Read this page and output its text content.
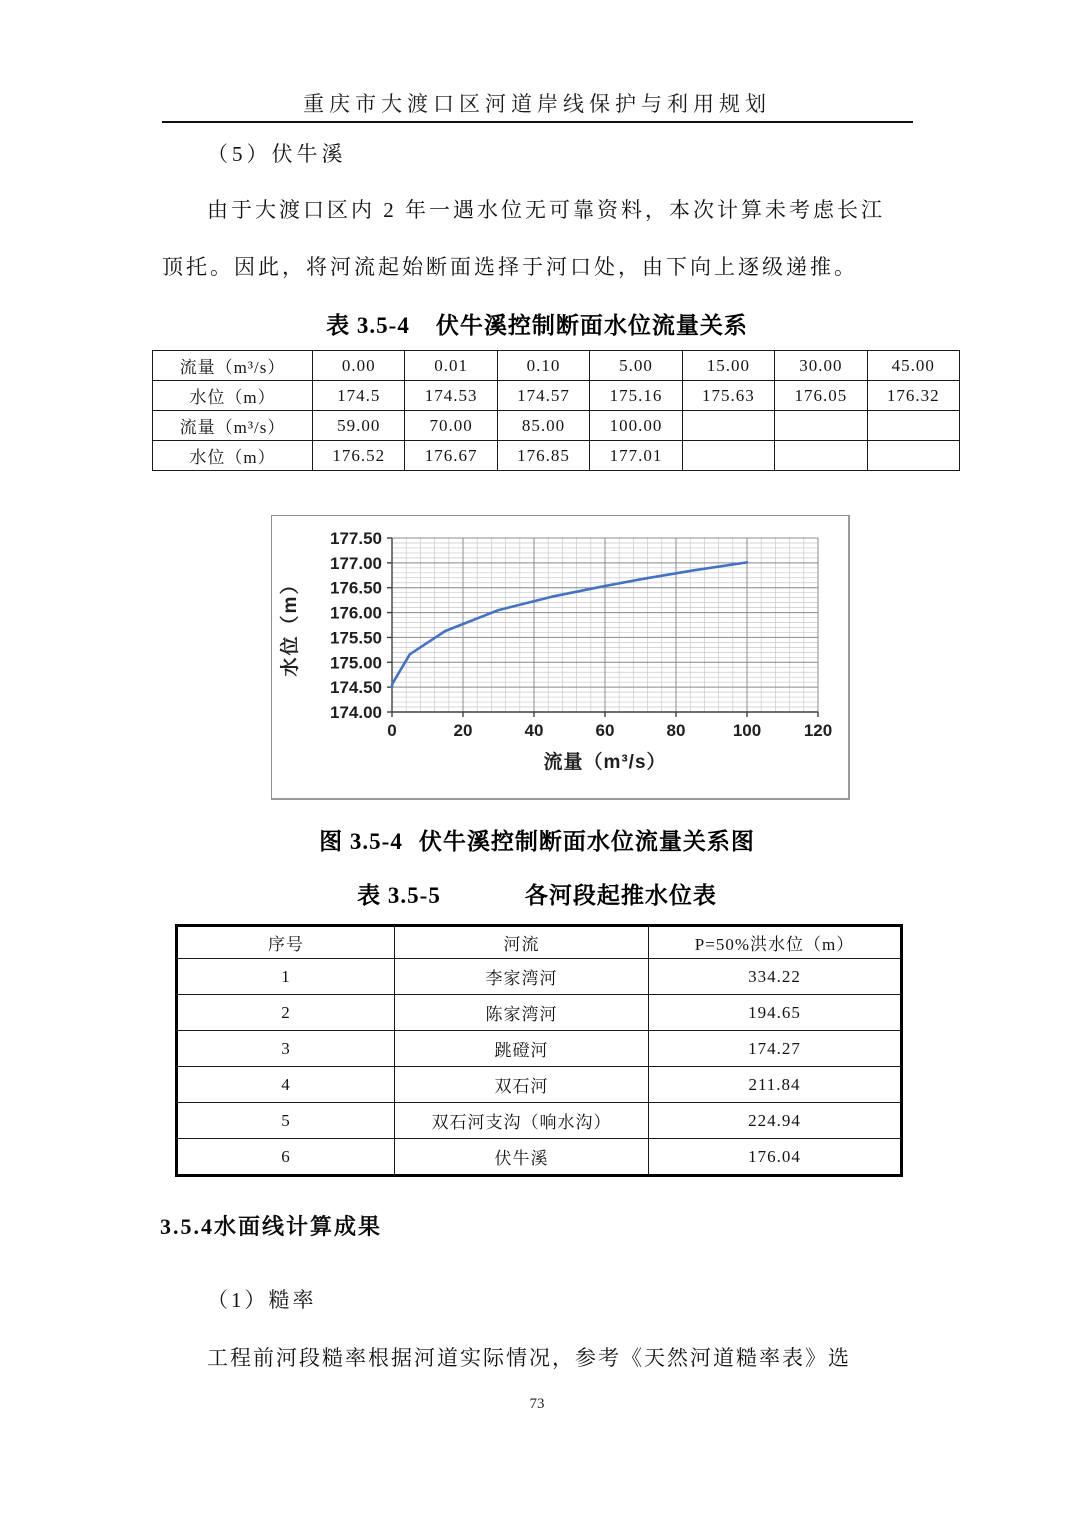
重庆市大渡口区河道岸线保护与利用规划
（5）伏牛溪
由于大渡口区内 2 年一遇水位无可靠资料，本次计算未考虑长江
顶托。因此，将河流起始断面选择于河口处，由下向上逐级递推。
表 3.5-4 伏牛溪控制断面水位流量关系
流量（m³/s）	0.00	0.01	0.10	5.00	15.00	30.00	45.00
水位（m）	174.5	174.53	174.57	175.16	175.63	176.05	176.32
流量（m³/s）	59.00	70.00	85.00	100.00			
水位（m）	176.52	176.67	176.85	177.01			
174.00
174.50
175.00
175.50
176.00
176.50
177.00
177.50
0	20	40	60	80	100	120
流量（m³/s）
水位（m）
图 3.5-4 伏牛溪控制断面水位流量关系图
表 3.5-5	各河段起推水位表
序号	河流	P=50%洪水位（m）
1	李家湾河	334.22
2	陈家湾河	194.65
3	跳磴河	174.27
4	双石河	211.84
5	双石河支沟（响水沟）	224.94
6	伏牛溪	176.04
3.5.4水面线计算成果
（1）糙率
工程前河段糙率根据河道实际情况，参考《天然河道糙率表》选
73
